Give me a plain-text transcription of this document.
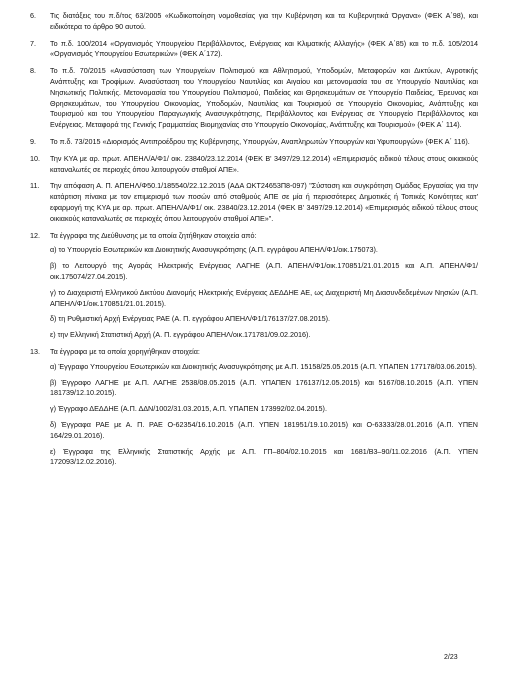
6. Τις διατάξεις του π.δ/τος 63/2005 «Κωδικοποίηση νομοθεσίας για την Κυβέρνηση και τα Κυβερνητικά Όργανα» (ΦΕΚ Α΄98), και ειδικότερα το άρθρο 90 αυτού.
7. Το π.δ. 100/2014 «Οργανισμός Υπουργείου Περιβάλλοντος, Ενέργειας και Κλιματικής Αλλαγής» (ΦΕΚ Α΄85) και το π.δ. 105/2014 «Οργανισμός Υπουργείου Εσωτερικών» (ΦΕΚ Α΄172).
8. Το π.δ. 70/2015 «Ανασύσταση των Υπουργείων Πολιτισμού και Αθλητισμού, Υποδομών, Μεταφορών και Δικτύων, Αγροτικής Ανάπτυξης και Τροφίμων. Ανασύσταση του Υπουργείου Ναυτιλίας και Αιγαίου και μετονομασία του σε Υπουργείο Ναυτιλίας και Νησιωτικής Πολιτικής. Μετονομασία του Υπουργείου Πολιτισμού, Παιδείας και Θρησκευμάτων σε Υπουργείο Παιδείας, Έρευνας και Θρησκευμάτων, του Υπουργείου Οικονομίας, Υποδομών, Ναυτιλίας και Τουρισμού σε Υπουργείο Οικονομίας, Ανάπτυξης και Τουρισμού και του Υπουργείου Παραγωγικής Ανασυγκρότησης, Περιβάλλοντος και Ενέργειας σε Υπουργείο Περιβάλλοντος και Ενέργειας. Μεταφορά της Γενικής Γραμματείας Βιομηχανίας στο Υπουργείο Οικονομίας, Ανάπτυξης και Τουρισμού» (ΦΕΚ Α΄ 114).
9. Το π.δ. 73/2015 «Διορισμός Αντιπροέδρου της Κυβέρνησης, Υπουργών, Αναπληρωτών Υπουργών και Υφυπουργών» (ΦΕΚ Α΄ 116).
10. Την ΚΥΑ με αρ. πρωτ. ΑΠΕΗΛ/Α/Φ1/ οικ. 23840/23.12.2014 (ΦΕΚ Β' 3497/29.12.2014) «Επιμερισμός ειδικού τέλους στους οικιακούς καταναλωτές σε περιοχές όπου λειτουργούν σταθμοί ΑΠΕ».
11. Την απόφαση Α. Π. ΑΠΕΗΛ/Φ50.1/185540/22.12.2015 (ΑΔΑ ΩΚΤ24653Π8-097) "Σύσταση και συγκρότηση Ομάδας Εργασίας για την κατάρτιση πίνακα με τον επιμερισμό των ποσών από σταθμούς ΑΠΕ σε μία ή περισσότερες Δημοτικές ή Τοπικές Κοινότητες κατ' εφαρμογή της ΚΥΑ με αρ. πρωτ. ΑΠΕΗΛ/Α/Φ1/ οικ. 23840/23.12.2014 (ΦΕΚ Β' 3497/29.12.2014) «Επιμερισμός ειδικού τέλους στους οικιακούς καταναλωτές σε περιοχές όπου λειτουργούν σταθμοί ΑΠΕ»".
12. Τα έγγραφα της Διεύθυνσης με τα οποία ζητήθηκαν στοιχεία από:
α) το Υπουργείο Εσωτερικών και Διοικητικής Ανασυγκρότησης (Α.Π. εγγράφου ΑΠΕΗΛ/Φ1/οικ.175073).
β) το Λειτουργό της Αγοράς Ηλεκτρικής Ενέργειας ΛΑΓΗΕ (Α.Π. ΑΠΕΗΛ/Φ1/οικ.170851/21.01.2015 και Α.Π. ΑΠΕΗΛ/Φ1/οικ.175074/27.04.2015).
γ) το Διαχειριστή Ελληνικού Δικτύου Διανομής Ηλεκτρικής Ενέργειας ΔΕΔΔΗΕ ΑΕ, ως Διαχειριστή Μη Διασυνδεδεμένων Νησιών (Α.Π. ΑΠΕΗΛ/Φ1/οικ.170851/21.01.2015).
δ) τη Ρυθμιστική Αρχή Ενέργειας ΡΑΕ (Α. Π. εγγράφου ΑΠΕΗΛ/Φ1/176137/27.08.2015).
ε) την Ελληνική Στατιστική Αρχή (Α. Π. εγγράφου ΑΠΕΗΛ/οικ.171781/09.02.2016).
13. Τα έγγραφα με τα οποία χορηγήθηκαν στοιχεία:
α) Έγγραφο Υπουργείου Εσωτερικών και Διοικητικής Ανασυγκρότησης με Α.Π. 15158/25.05.2015 (Α.Π. ΥΠΑΠΕΝ 177178/03.06.2015).
β) Έγγραφο ΛΑΓΗΕ με Α.Π. ΛΑΓΗΕ 2538/08.05.2015 (Α.Π. ΥΠΑΠΕΝ 176137/12.05.2015) και 5167/08.10.2015 (Α.Π. ΥΠΕΝ 181739/12.10.2015).
γ) Έγγραφο ΔΕΔΔΗΕ (Α.Π. ΔΔΝ/1002/31.03.2015, Α.Π. ΥΠΑΠΕΝ 173992/02.04.2015).
δ) Έγγραφα ΡΑΕ με Α. Π. ΡΑΕ Ο-62354/16.10.2015 (Α.Π. ΥΠΕΝ 181951/19.10.2015) και Ο-63333/28.01.2016 (Α.Π. ΥΠΕΝ 164/29.01.2016).
ε) Έγγραφα της Ελληνικής Στατιστικής Αρχής με Α.Π. ΓΠ–804/02.10.2015 και 1681/Β3–90/11.02.2016 (Α.Π. ΥΠΕΝ 172093/12.02.2016).
2/23
